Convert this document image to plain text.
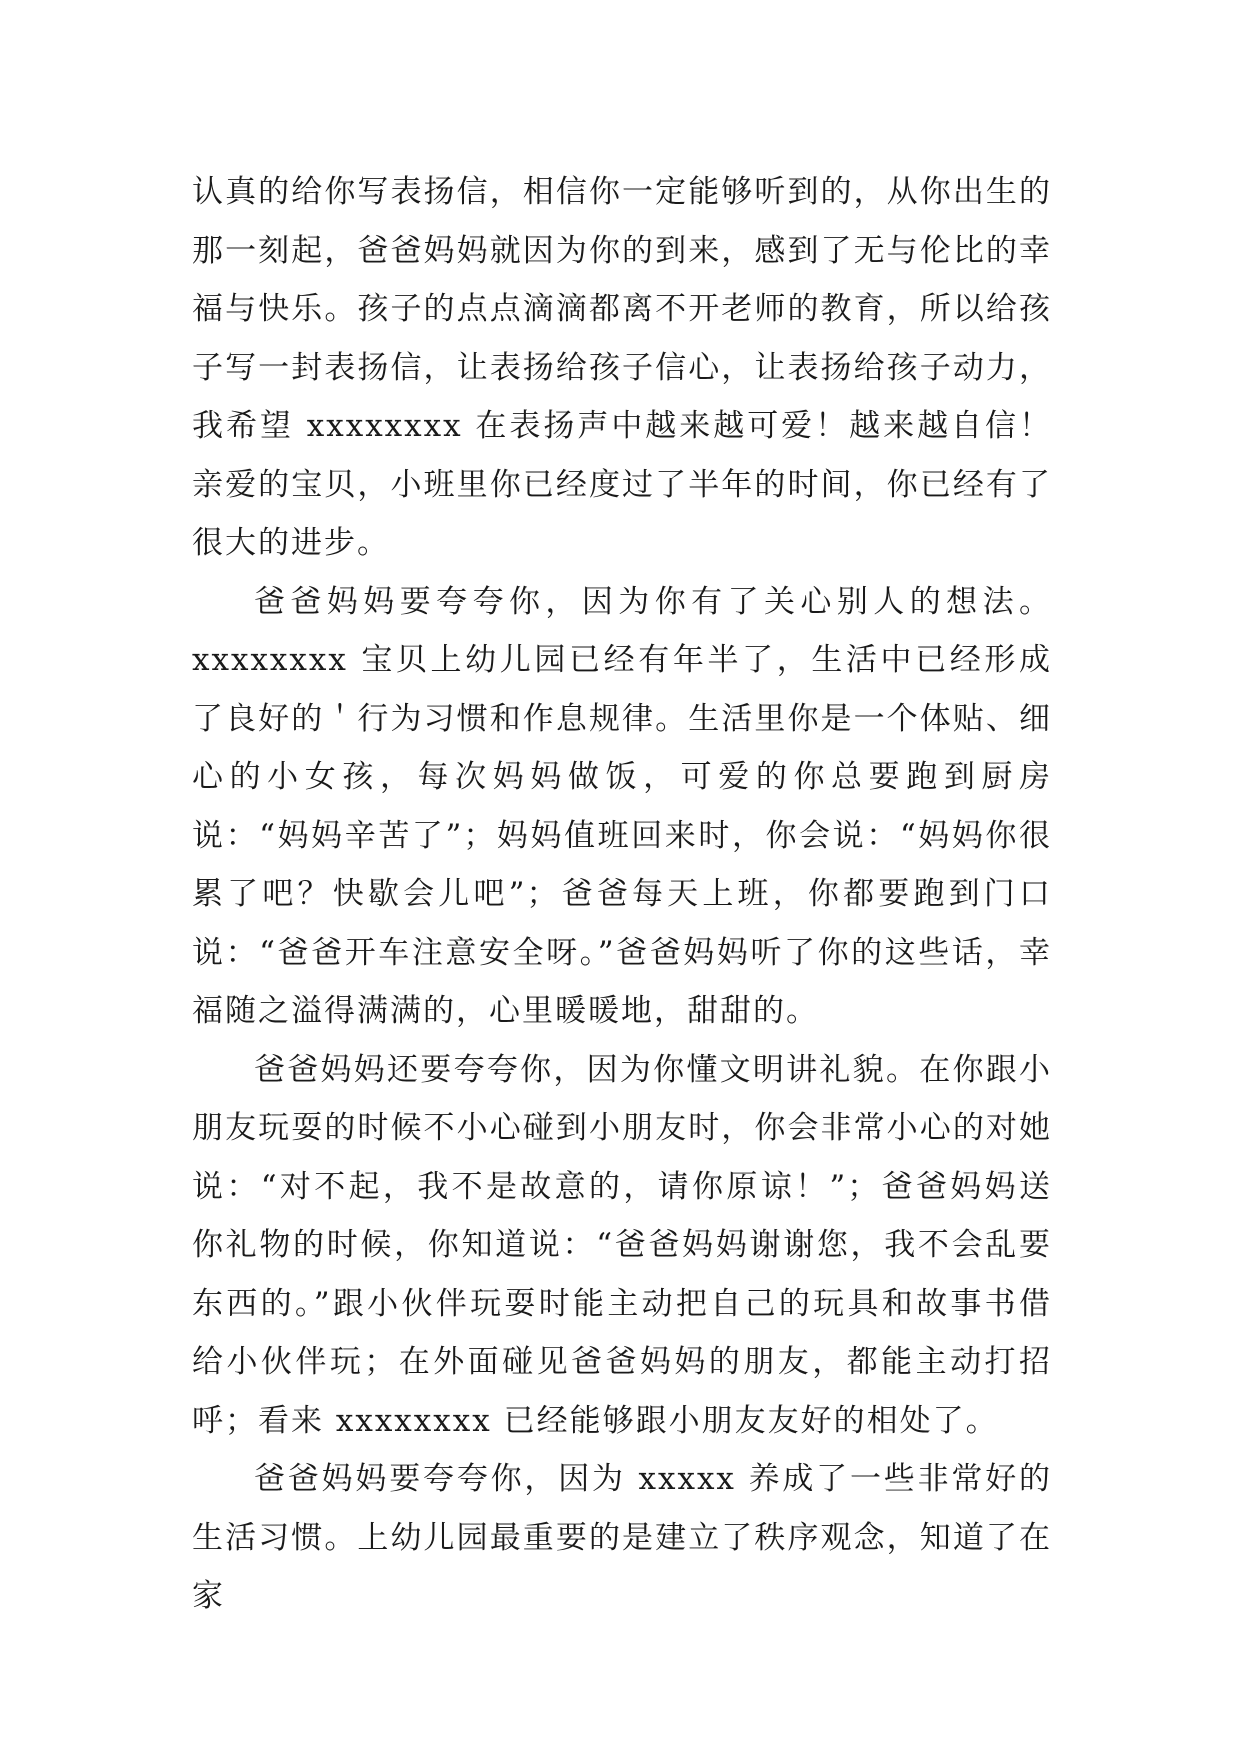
认真的给你写表扬信，相信你一定能够听到的，从你出生的那一刻起，爸爸妈妈就因为你的到来，感到了无与伦比的幸福与快乐。孩子的点点滴滴都离不开老师的教育，所以给孩子写一封表扬信，让表扬给孩子信心，让表扬给孩子动力，我希望 xxxxxxxx 在表扬声中越来越可爱！越来越自信！亲爱的宝贝，小班里你已经度过了半年的时间，你已经有了很大的进步。

爸爸妈妈要夸夸你，因为你有了关心别人的想法。xxxxxxxx 宝贝上幼儿园已经有年半了，生活中已经形成了良好的＇行为习惯和作息规律。生活里你是一个体贴、细心的小女孩，每次妈妈做饭，可爱的你总要跑到厨房说：“妈妈辛苦了”；妈妈值班回来时，你会说：“妈妈你很累了吧？快歇会儿吧”；爸爸每天上班，你都要跑到门口说：“爸爸开车注意安全呀。”爸爸妈妈听了你的这些话，幸福随之溢得满满的，心里暖暖地，甜甜的。

爸爸妈妈还要夸夸你，因为你懂文明讲礼貌。在你跟小朋友玩耍的时候不小心碰到小朋友时，你会非常小心的对她说：“对不起，我不是故意的，请你原谅！”；爸爸妈妈送你礼物的时候，你知道说：“爸爸妈妈谢谢您，我不会乱要东西的。”跟小伙伴玩耍时能主动把自己的玩具和故事书借给小伙伴玩；在外面碰见爸爸妈妈的朋友，都能主动打招呼；看来 xxxxxxxx 已经能够跟小朋友友好的相处了。

爸爸妈妈要夸夸你，因为 xxxxx 养成了一些非常好的生活习惯。上幼儿园最重要的是建立了秩序观念，知道了在家
